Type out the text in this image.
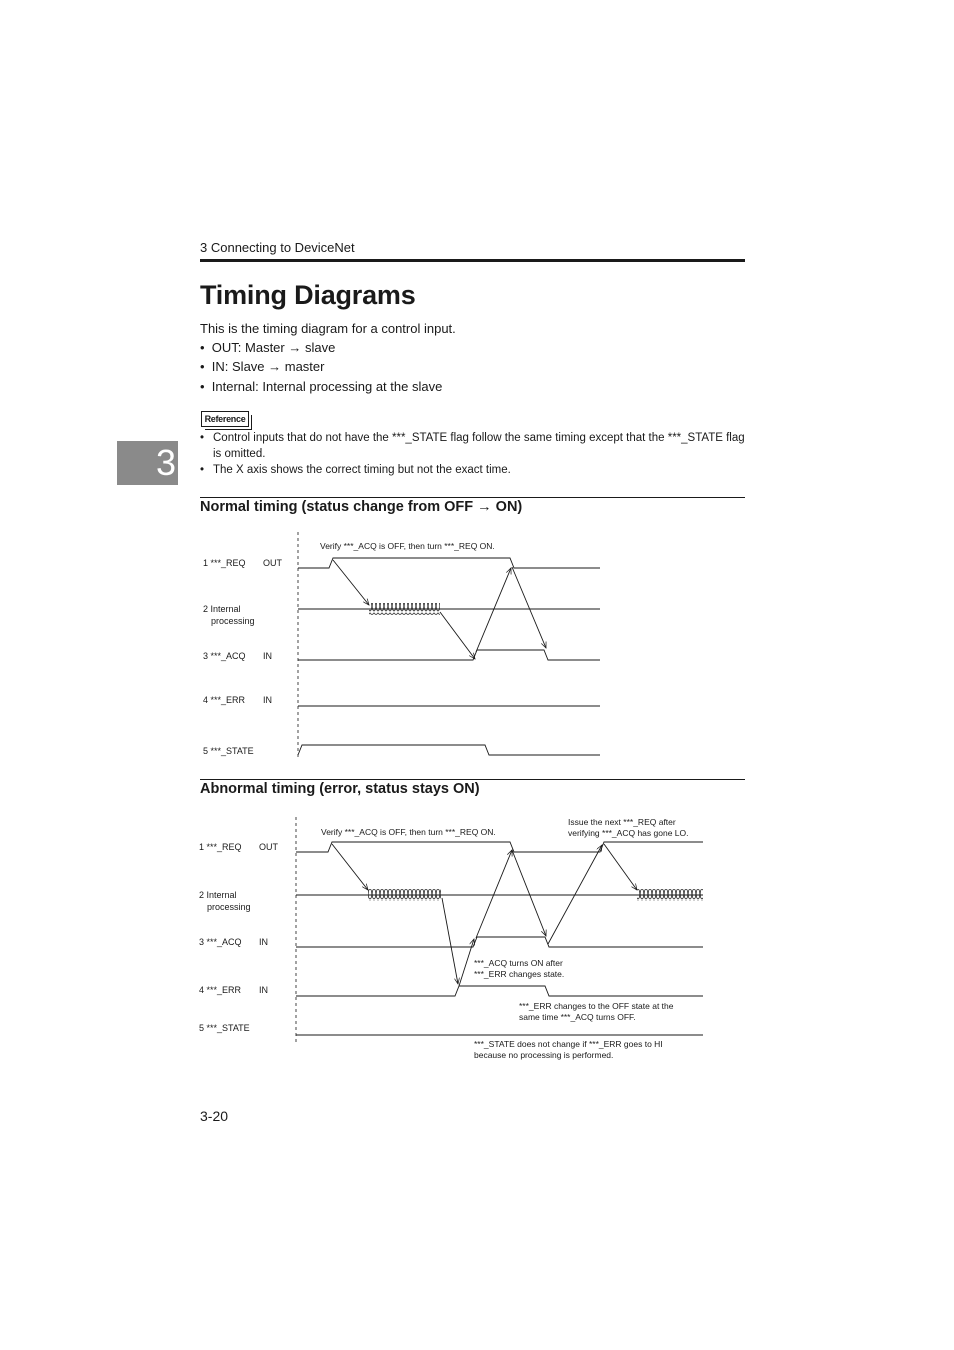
3 Connecting to DeviceNet
3
Timing Diagrams
This is the timing diagram for a control input.
•  OUT: Master → slave
•  IN: Slave → master
•  Internal: Internal processing at the slave
Reference
• Control inputs that do not have the ***_STATE flag follow the same timing except that the ***_STATE flag is omitted.
• The X axis shows the correct timing but not the exact time.
Normal timing (status change from OFF → ON)
Abnormal timing (error, status stays ON)
1 ***_REQ OUT
2 Internal
processing
3 ***_ACQ IN
4 ***_ERR IN
5 ***_STATE
Verify ***_ACQ is OFF, then turn ***_REQ ON.
1 ***_REQ OUT
2 Internal
processing
3 ***_ACQ IN
4 ***_ERR IN
5 ***_STATE
Verify ***_ACQ is OFF, then turn ***_REQ ON.
Issue the next ***_REQ after
verifying ***_ACQ has gone LO.
***_ACQ turns ON after
***_ERR changes state.
***_ERR changes to the OFF state at the
same time ***_ACQ turns OFF.
***_STATE does not change if ***_ERR goes to HI
because no processing is performed.
3-20
